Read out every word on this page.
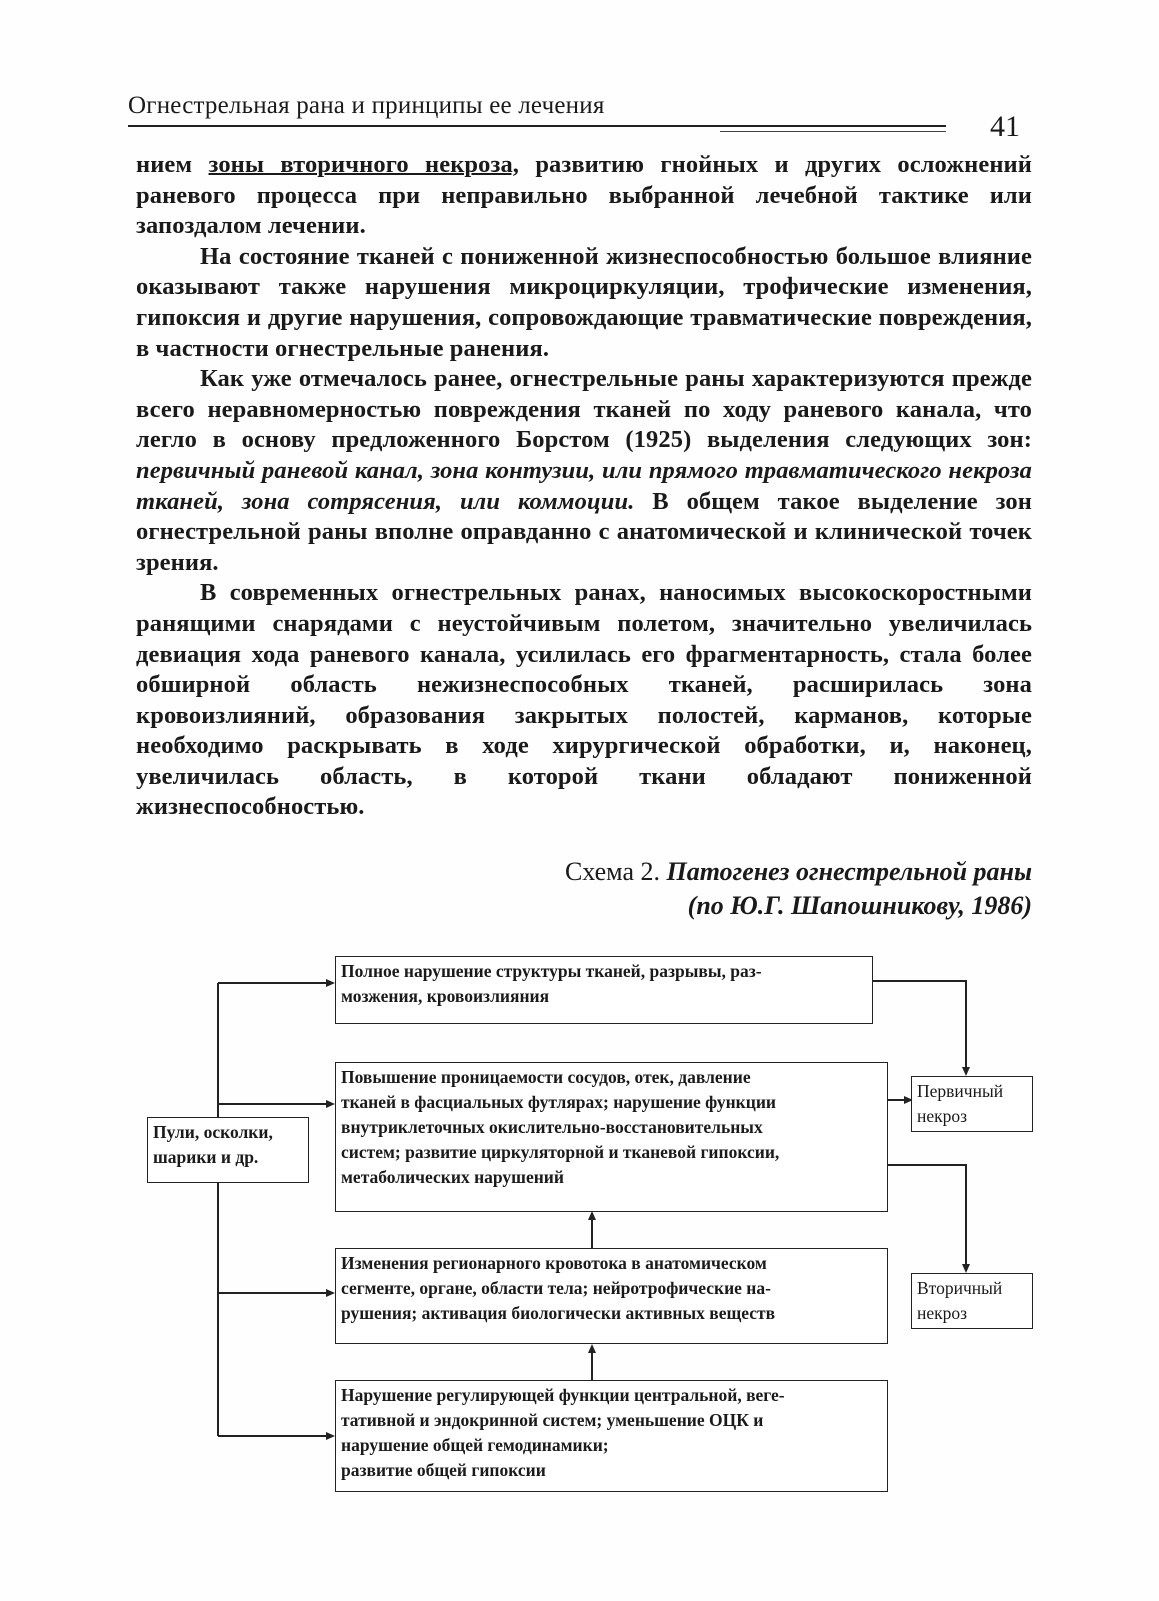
Огнестрельная рана и принципы ее лечения
41

нием зоны вторичного некроза, развитию гнойных и других осложнений раневого процесса при неправильно выбранной лечебной тактике или запоздалом лечении.

На состояние тканей с пониженной жизнеспособностью большое влияние оказывают также нарушения микроциркуляции, трофические изменения, гипоксия и другие нарушения, сопровождающие травматические повреждения, в частности огнестрельные ранения.

Как уже отмечалось ранее, огнестрельные раны характеризуются прежде всего неравномерностью повреждения тканей по ходу раневого канала, что легло в основу предложенного Борстом (1925) выделения следующих зон: первичный раневой канал, зона контузии, или прямого травматического некроза тканей, зона сотрясения, или коммоции. В общем такое выделение зон огнестрельной раны вполне оправданно с анатомической и клинической точек зрения.

В современных огнестрельных ранах, наносимых высокоскоростными ранящими снарядами с неустойчивым полетом, значительно увеличилась девиация хода раневого канала, усилилась его фрагментарность, стала более обширной область нежизнеспособных тканей, расширилась зона кровоизлияний, образования закрытых полостей, карманов, которые необходимо раскрывать в ходе хирургической обработки, и, наконец, увеличилась область, в которой ткани обладают пониженной жизнеспособностью.

Схема 2. Патогенез огнестрельной раны
(по Ю.Г. Шапошникову, 1986)
Пули, осколки,
шарики и др.
Полное нарушение структуры тканей, разрывы, раз-
мозжения, кровоизлияния
Повышение проницаемости сосудов, отек, давление
тканей в фасциальных футлярах; нарушение функции
внутриклеточных окислительно-восстановительных
систем; развитие циркуляторной и тканевой гипоксии,
метаболических нарушений
Изменения регионарного кровотока в анатомическом
сегменте, органе, области тела; нейротрофические на-
рушения; активация биологически активных веществ
Нарушение регулирующей функции центральной, веге-
тативной и эндокринной систем; уменьшение ОЦК и
нарушение общей гемодинамики;
развитие общей гипоксии
Первичный
некроз
Вторичный
некроз
